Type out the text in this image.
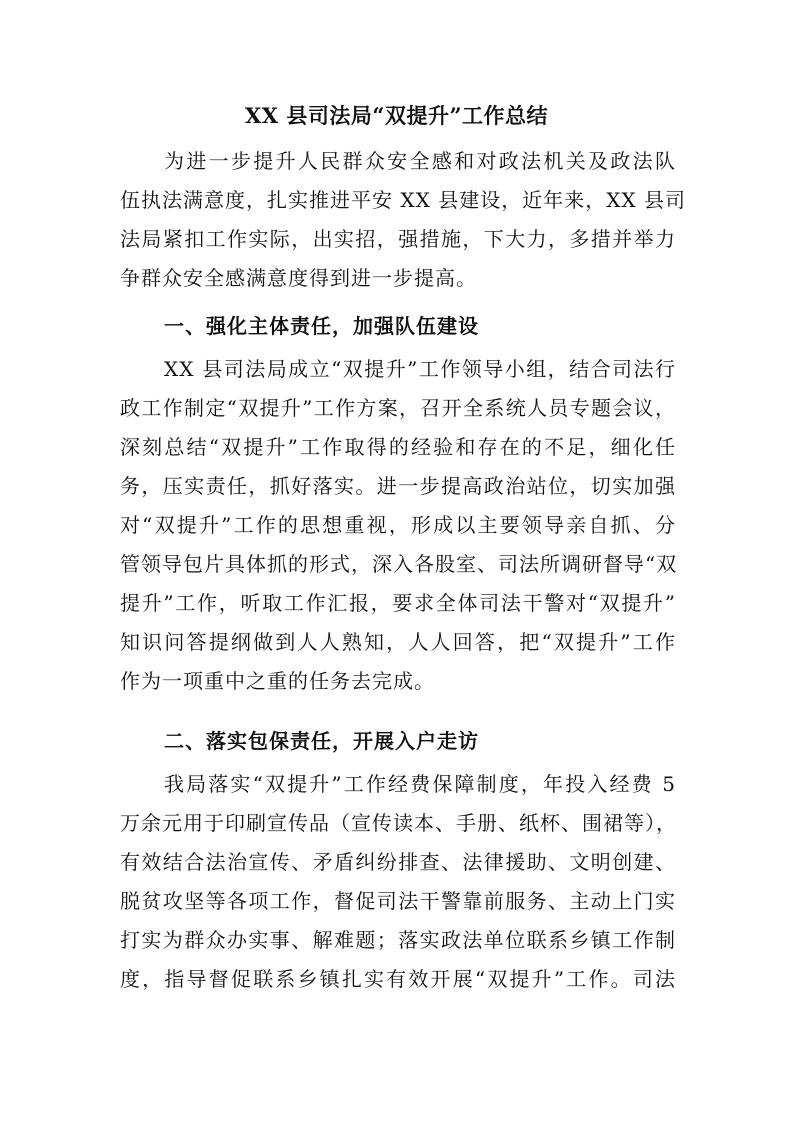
XX 县司法局“双提升”工作总结
为进一步提升人民群众安全感和对政法机关及政法队
伍执法满意度，扎实推进平安 XX 县建设，近年来，XX 县司
法局紧扣工作实际，出实招，强措施，下大力，多措并举力
争群众安全感满意度得到进一步提高。
一、强化主体责任，加强队伍建设
XX 县司法局成立“双提升”工作领导小组，结合司法行
政工作制定“双提升”工作方案，召开全系统人员专题会议，
深刻总结“双提升”工作取得的经验和存在的不足，细化任
务，压实责任，抓好落实。进一步提高政治站位，切实加强
对“双提升”工作的思想重视，形成以主要领导亲自抓、分
管领导包片具体抓的形式，深入各股室、司法所调研督导“双
提升”工作，听取工作汇报，要求全体司法干警对“双提升”
知识问答提纲做到人人熟知，人人回答，把“双提升”工作
作为一项重中之重的任务去完成。
二、落实包保责任，开展入户走访
我局落实“双提升”工作经费保障制度，年投入经费 5
万余元用于印刷宣传品（宣传读本、手册、纸杯、围裙等），
有效结合法治宣传、矛盾纠纷排查、法律援助、文明创建、
脱贫攻坚等各项工作，督促司法干警靠前服务、主动上门实
打实为群众办实事、解难题；落实政法单位联系乡镇工作制
度，指导督促联系乡镇扎实有效开展“双提升”工作。司法
